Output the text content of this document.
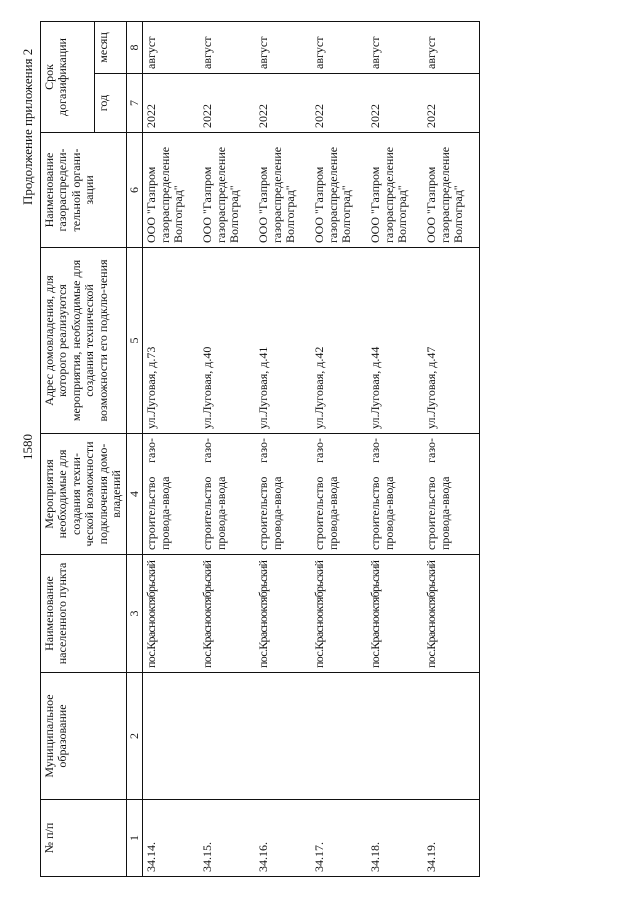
1580
Продолжение приложения 2
№ п/п	Муниципальное образование	Наименование населенного пункта	Мероприятия необходимые для создания техни-ческой возможности подключения домо-владений	Адрес домовладения, для которого реализуются мероприятия, необходимые для создания технической возможности его подклю-чения	Наименование газораспредели-тельной органи-зации	Срок догазификации	
						год	месяц
1	2	3	4	5	6	7	8
34.14.		пос.Краснооктябрьский	строительство газо-провода-ввода	ул.Луговая, д.73	ООО "Газпром газораспределение Волгоград"	2022	август
34.15.		пос.Краснооктябрьский	строительство газо-провода-ввода	ул.Луговая, д.40	ООО "Газпром газораспределение Волгоград"	2022	август
34.16.		пос.Краснооктябрьский	строительство газо-провода-ввода	ул.Луговая, д.41	ООО "Газпром газораспределение Волгоград"	2022	август
34.17.		пос.Краснооктябрьский	строительство газо-провода-ввода	ул.Луговая, д.42	ООО "Газпром газораспределение Волгоград"	2022	август
34.18.		пос.Краснооктябрьский	строительство газо-провода-ввода	ул.Луговая, д.44	ООО "Газпром газораспределение Волгоград"	2022	август
34.19.		пос.Краснооктябрьский	строительство газо-провода-ввода	ул.Луговая, д.47	ООО "Газпром газораспределение Волгоград"	2022	август
